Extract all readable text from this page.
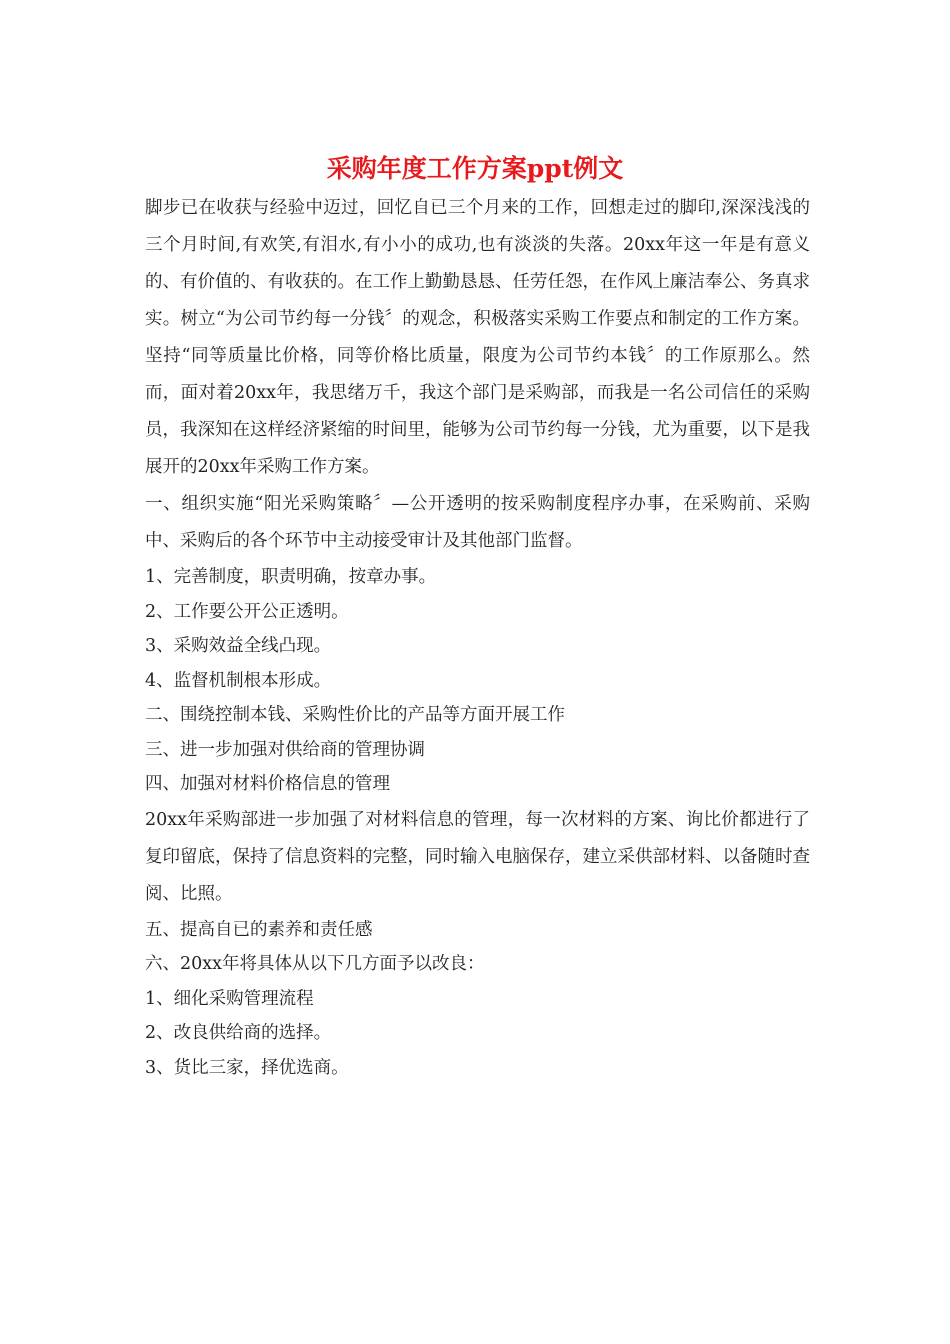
采购年度工作方案ppt例文

脚步已在收获与经验中迈过，回忆自已三个月来的工作，回想走过的脚印,深深浅浅的三个月时间,有欢笑,有泪水,有小小的成功,也有淡淡的失落。20xx年这一年是有意义的、有价值的、有收获的。在工作上勤勤恳恳、任劳任怨，在作风上廉洁奉公、务真求实。树立“为公司节约每一分钱〞的观念，积极落实采购工作要点和制定的工作方案。坚持“同等质量比价格，同等价格比质量，限度为公司节约本钱〞的工作原那么。然而，面对着20xx年，我思绪万千，我这个部门是采购部，而我是一名公司信任的采购员，我深知在这样经济紧缩的时间里，能够为公司节约每一分钱，尤为重要，以下是我展开的20xx年采购工作方案。

一、组织实施“阳光采购策略〞—公开透明的按采购制度程序办事，在采购前、采购中、采购后的各个环节中主动接受审计及其他部门监督。

1、完善制度，职责明确，按章办事。

2、工作要公开公正透明。

3、采购效益全线凸现。

4、监督机制根本形成。

二、围绕控制本钱、采购性价比的产品等方面开展工作

三、进一步加强对供给商的管理协调

四、加强对材料价格信息的管理

20xx年采购部进一步加强了对材料信息的管理，每一次材料的方案、询比价都进行了复印留底，保持了信息资料的完整，同时输入电脑保存，建立采供部材料、以备随时查阅、比照。

五、提高自已的素养和责任感

六、20xx年将具体从以下几方面予以改良：

1、细化采购管理流程

2、改良供给商的选择。

3、货比三家，择优选商。
